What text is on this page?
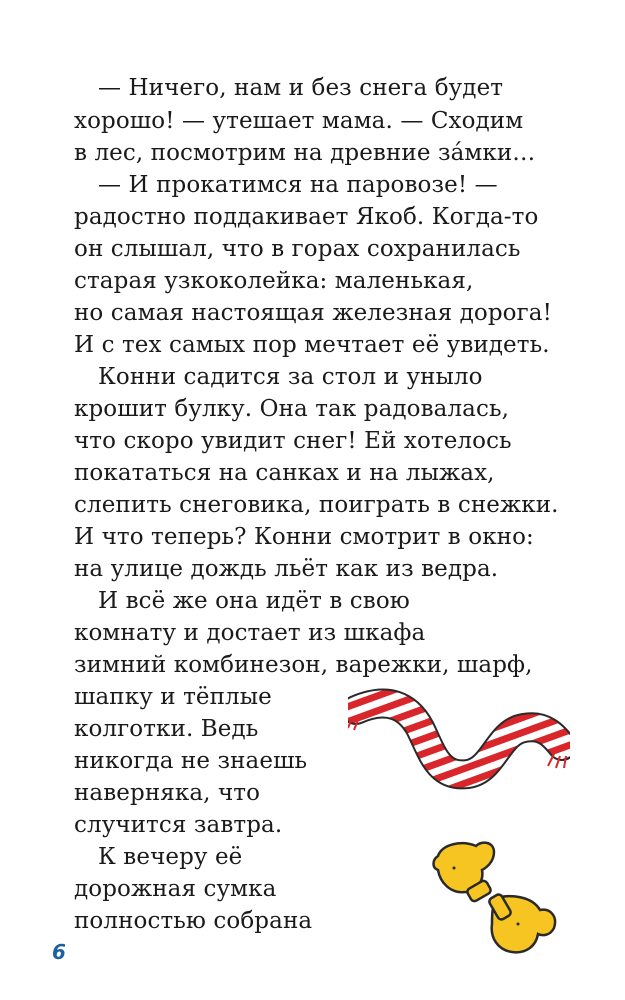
— Ничего, нам и без снега будет
хорошо! — утешает мама. — Сходим
в лес, посмотрим на древние за́мки…
— И прокатимся на паровозе! —
радостно поддакивает Якоб. Когда-то
он слышал, что в горах сохранилась
старая узкоколейка: маленькая,
но самая настоящая железная дорога!
И с тех самых пор мечтает её увидеть.
Конни садится за стол и уныло
крошит булку. Она так радовалась,
что скоро увидит снег! Ей хотелось
покататься на санках и на лыжах,
слепить снеговика, поиграть в снежки.
И что теперь? Конни смотрит в окно:
на улице дождь льёт как из ведра.
И всё же она идёт в свою
комнату и достает из шкафа
зимний комбинезон, варежки, шарф,
шапку и тёплые
колготки. Ведь
никогда не знаешь
наверняка, что
случится завтра.
К вечеру её
дорожная сумка
полностью собрана
6
